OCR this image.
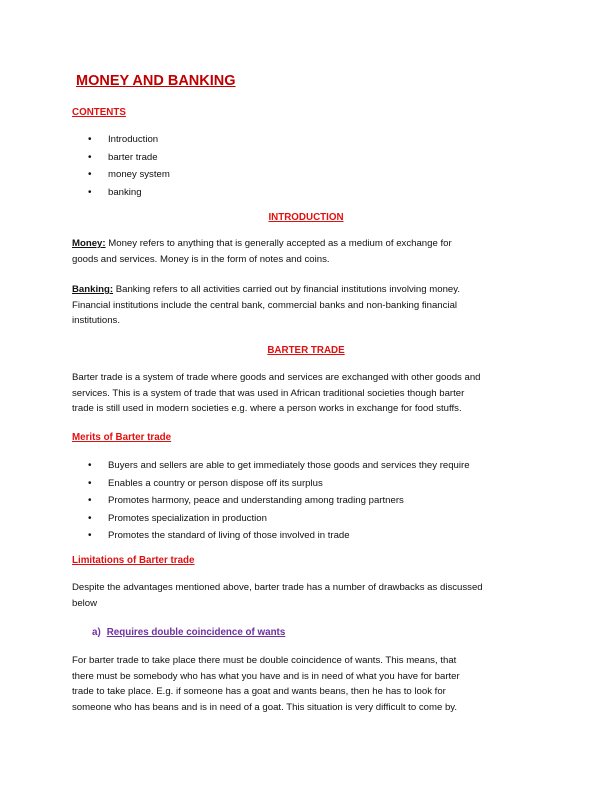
MONEY AND BANKING
CONTENTS
• Introduction
• barter trade
• money system
• banking
INTRODUCTION
Money: Money refers to anything that is generally accepted as a medium of exchange for
goods and services. Money is in the form of notes and coins.
Banking: Banking refers to all activities carried out by financial institutions involving money.
Financial institutions include the central bank, commercial banks and non-banking financial
institutions.
BARTER TRADE
Barter trade is a system of trade where goods and services are exchanged with other goods and
services. This is a system of trade that was used in African traditional societies though barter
trade is still used in modern societies e.g. where a person works in exchange for food stuffs.
Merits of Barter trade
• Buyers and sellers are able to get immediately those goods and services they require
• Enables a country or person dispose off its surplus
• Promotes harmony, peace and understanding among trading partners
• Promotes specialization in production
• Promotes the standard of living of those involved in trade
Limitations of Barter trade
Despite the advantages mentioned above, barter trade has a number of drawbacks as discussed
below
a) Requires double coincidence of wants
For barter trade to take place there must be double coincidence of wants. This means, that
there must be somebody who has what you have and is in need of what you have for barter
trade to take place. E.g. if someone has a goat and wants beans, then he has to look for
someone who has beans and is in need of a goat. This situation is very difficult to come by.
